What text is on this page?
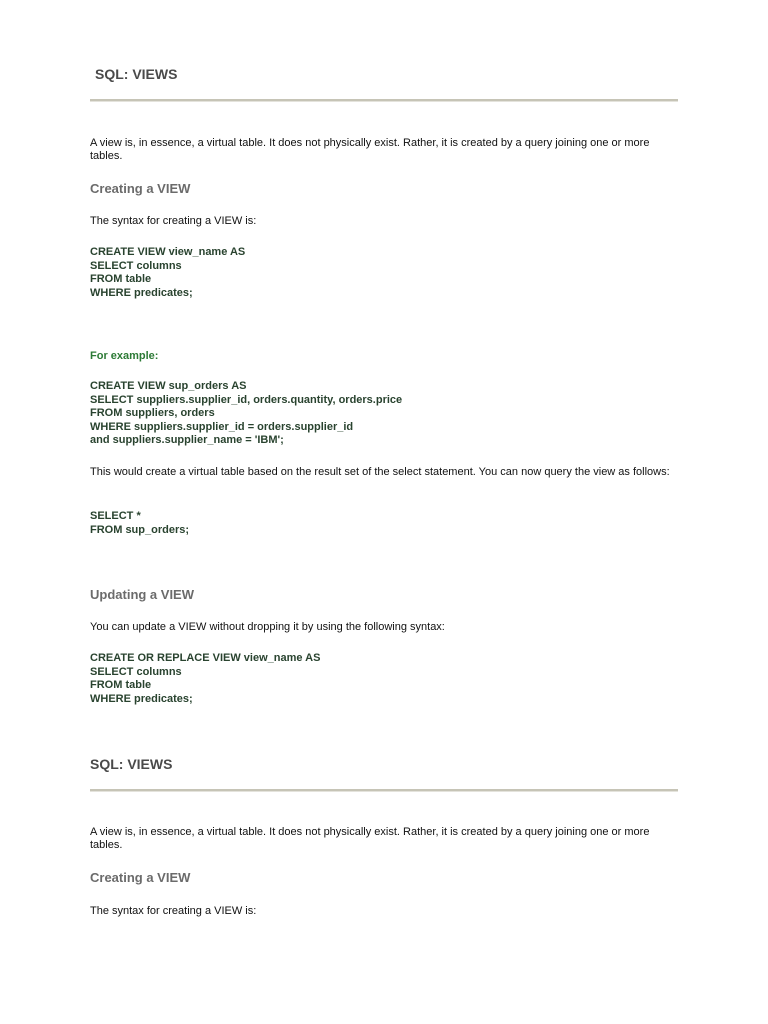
SQL: VIEWS

A view is, in essence, a virtual table. It does not physically exist. Rather, it is created by a query joining one or more tables.

Creating a VIEW

The syntax for creating a VIEW is:

CREATE VIEW view_name AS
SELECT columns
FROM table
WHERE predicates;

For example:

CREATE VIEW sup_orders AS
SELECT suppliers.supplier_id, orders.quantity, orders.price
FROM suppliers, orders
WHERE suppliers.supplier_id = orders.supplier_id
and suppliers.supplier_name = 'IBM';

This would create a virtual table based on the result set of the select statement. You can now query the view as follows:

SELECT *
FROM sup_orders;
Updating a VIEW

You can update a VIEW without dropping it by using the following syntax:

CREATE OR REPLACE VIEW view_name AS
SELECT columns
FROM table
WHERE predicates;
SQL: VIEWS

A view is, in essence, a virtual table. It does not physically exist. Rather, it is created by a query joining one or more tables.

Creating a VIEW

The syntax for creating a VIEW is:
